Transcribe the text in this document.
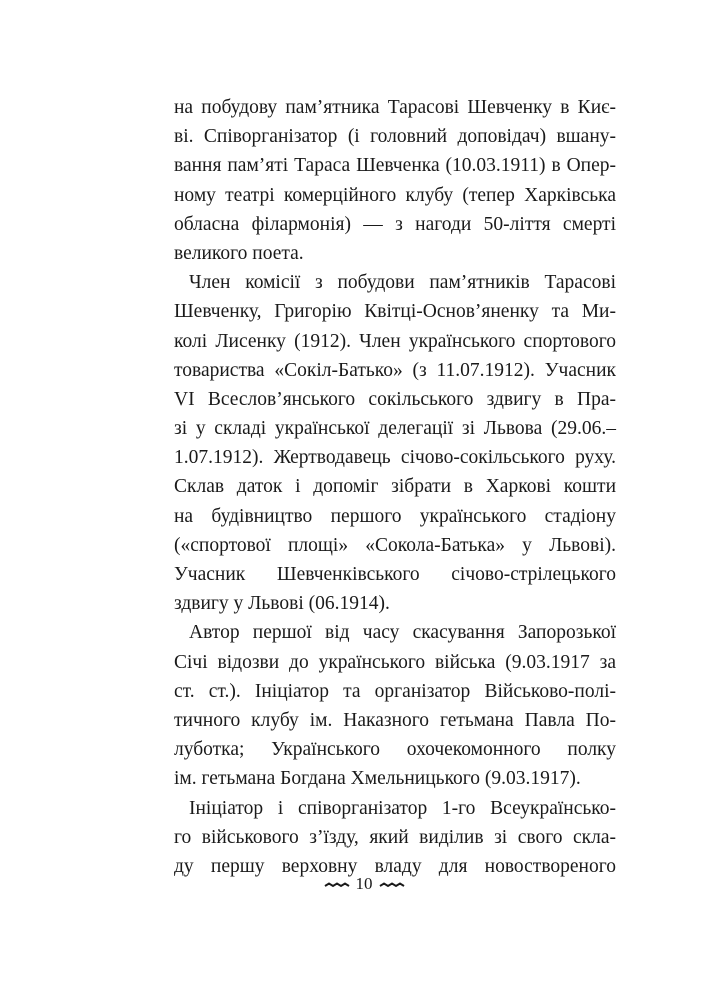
на побудову пам’ятника Тарасові Шевченку в Киє-
ві. Співорганізатор (і головний доповідач) вшану-
вання пам’яті Тараса Шевченка (10.03.1911) в Опер-
ному театрі комерційного клубу (тепер Харківська
обласна філармонія) — з нагоди 50-ліття смерті
великого поета.
Член комісії з побудови пам’ятників Тарасові
Шевченку, Григорію Квітці-Основ’яненку та Ми-
колі Лисенку (1912). Член українського спортового
товариства «Сокіл-Батько» (з 11.07.1912). Учасник
VI Всеслов’янського сокільського здвигу в Пра-
зі у складі української делегації зі Львова (29.06.–
1.07.1912). Жертводавець січово-сокільського руху.
Склав даток і допоміг зібрати в Харкові кошти
на будівництво першого українського стадіону
(«спортової площі» «Сокола-Батька» у Львові).
Учасник Шевченківського січово-стрілецького
здвигу у Львові (06.1914).
Автор першої від часу скасування Запорозької
Січі відозви до українського війська (9.03.1917 за
ст. ст.). Ініціатор та організатор Військово-полі-
тичного клубу ім. Наказного гетьмана Павла По-
луботка; Українського охочекомонного полку
ім. гетьмана Богдана Хмельницького (9.03.1917).
Ініціатор і співорганізатор 1-го Всеукраїнсько-
го військового з’їзду, який виділив зі свого скла-
ду першу верховну владу для новоствореного
10
